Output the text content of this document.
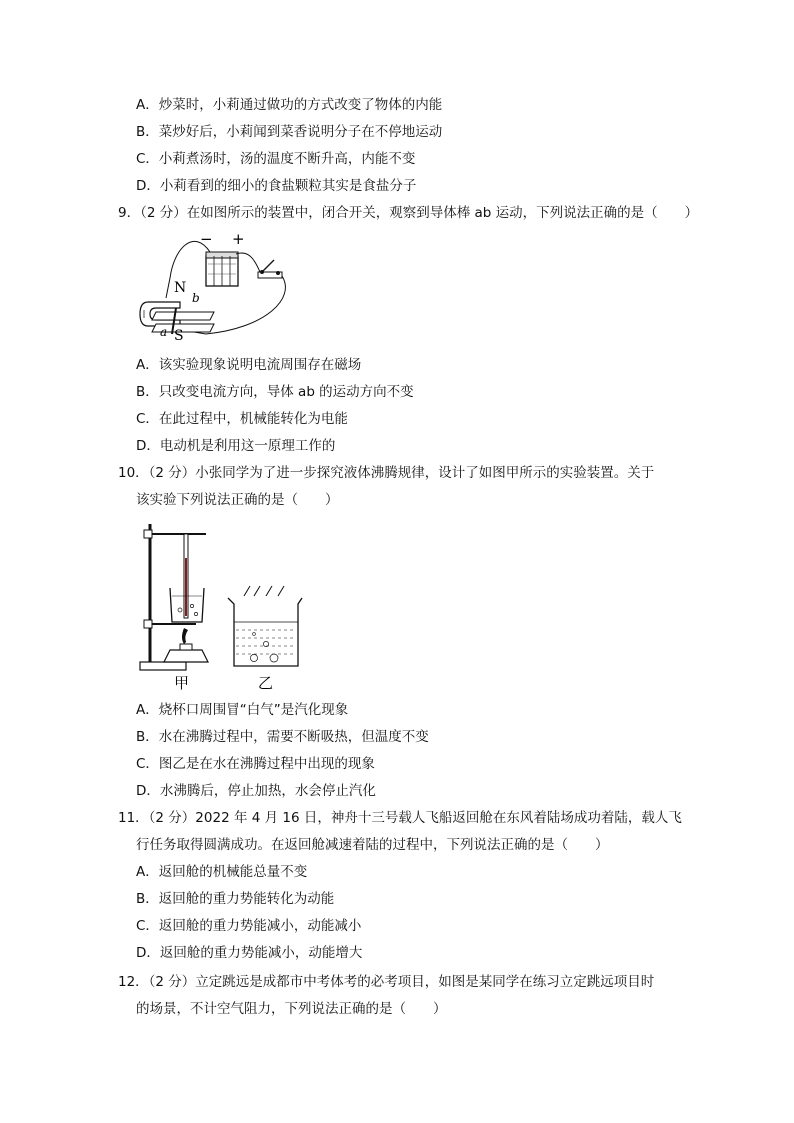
A．炒菜时，小莉通过做功的方式改变了物体的内能
B．菜炒好后，小莉闻到菜香说明分子在不停地运动
C．小莉煮汤时，汤的温度不断升高，内能不变
D．小莉看到的细小的食盐颗粒其实是食盐分子
9．（2 分）在如图所示的装置中，闭合开关，观察到导体棒 ab 运动，下列说法正确的是（　　）
− +
N
S
a
b
A．该实验现象说明电流周围存在磁场
B．只改变电流方向，导体 ab 的运动方向不变
C．在此过程中，机械能转化为电能
D．电动机是利用这一原理工作的
10．（2 分）小张同学为了进一步探究液体沸腾规律，设计了如图甲所示的实验装置。关于
该实验下列说法正确的是（　　）
甲	乙
A．烧杯口周围冒“白气”是汽化现象
B．水在沸腾过程中，需要不断吸热，但温度不变
C．图乙是在水在沸腾过程中出现的现象
D．水沸腾后，停止加热，水会停止汽化
11．（2 分）2022 年 4 月 16 日，神舟十三号载人飞船返回舱在东风着陆场成功着陆，载人飞
行任务取得圆满成功。在返回舱减速着陆的过程中，下列说法正确的是（　　）
A．返回舱的机械能总量不变
B．返回舱的重力势能转化为动能
C．返回舱的重力势能减小，动能减小
D．返回舱的重力势能减小，动能增大
12．（2 分）立定跳远是成都市中考体考的必考项目，如图是某同学在练习立定跳远项目时
的场景，不计空气阻力，下列说法正确的是（　　）
